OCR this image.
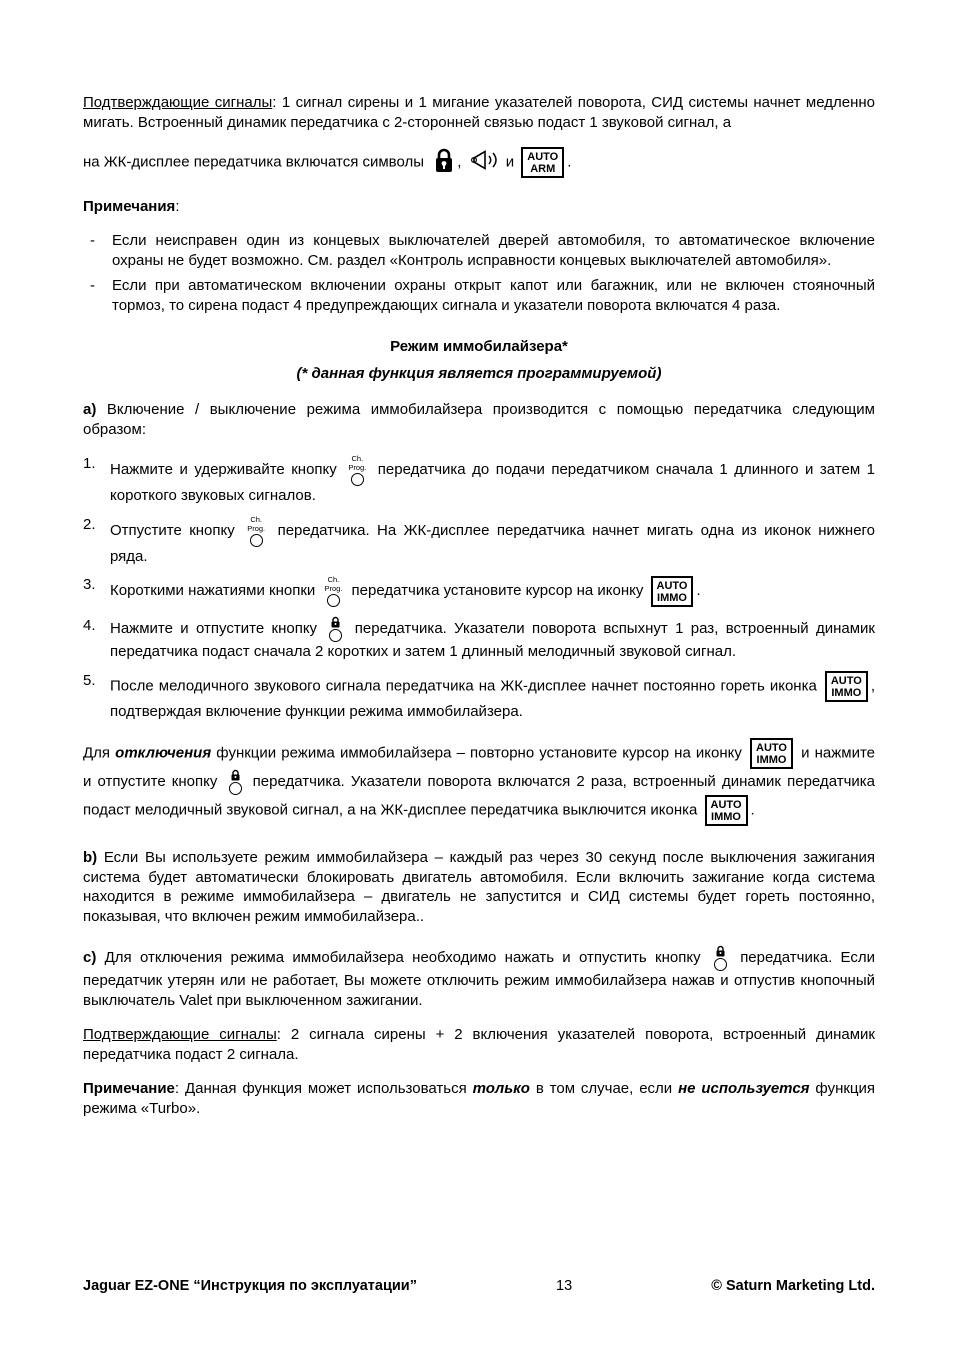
Подтверждающие сигналы: 1 сигнал сирены и 1 мигание указателей поворота, СИД системы начнет медленно мигать. Встроенный динамик передатчика с 2-сторонней связью подаст 1 звуковой сигнал, а

на ЖК-дисплее передатчика включатся символы ,	и AUTO
ARM .

Примечания:

-	Если неисправен один из концевых выключателей дверей автомобиля, то автоматическое включение охраны не будет возможно. См. раздел «Контроль исправности концевых выключателей автомобиля».
-	Если при автоматическом включении охраны открыт капот или багажник, или не включен стояночный тормоз, то сирена подаст 4 предупреждающих сигнала и указатели поворота включатся 4 раза.
Режим иммобилайзера*
(* данная функция является программируемой)

a) Включение / выключение режима иммобилайзера производится с помощью передатчика следующим образом:

1. Нажмите и удерживайте кнопку
Ch.
Prog. передатчика до подачи передатчиком сначала 1 длинного и затем 1 короткого звуковых сигналов.
2. Отпустите кнопку
Ch.
Prog. передатчика. На ЖК-дисплее передатчика начнет мигать одна из иконок нижнего ряда.
3. Короткими нажатиями кнопки
Ch.
Prog. передатчика установите курсор на иконку AUTO
IMMO .
4. Нажмите и отпустите кнопку	передатчика. Указатели поворота вспыхнут 1 раз, встроенный динамик передатчика подаст сначала 2 коротких и затем 1 длинный мелодичный звуковой сигнал.
5. После мелодичного звукового сигнала передатчика на ЖК-дисплее начнет постоянно гореть иконка AUTO
IMMO , подтверждая включение функции режима иммобилайзера.

Для отключения функции режима иммобилайзера – повторно установите курсор на иконку AUTO
IMMO и нажмите и отпустите кнопку передатчика. Указатели поворота включатся 2 раза, встроенный динамик передатчика подаст мелодичный звуковой сигнал, а на ЖК-дисплее передатчика выключится иконка AUTO
IMMO .

b) Если Вы используете режим иммобилайзера – каждый раз через 30 секунд после выключения зажигания система будет автоматически блокировать двигатель автомобиля. Если включить зажигание когда система находится в режиме иммобилайзера – двигатель не запустится и СИД системы будет гореть постоянно, показывая, что включен режим иммобилайзера..

c) Для отключения режима иммобилайзера необходимо нажать и отпустить кнопку	передатчика. Если передатчик утерян или не работает, Вы можете отключить режим иммобилайзера нажав и отпустив кнопочный выключатель Valet при выключенном зажигании.

Подтверждающие сигналы: 2 сигнала сирены + 2 включения указателей поворота, встроенный динамик передатчика подаст 2 сигнала.

Примечание: Данная функция может использоваться только в том случае, если не используется функция режима «Turbo».

Jaguar EZ-ONE “Инструкция по эксплуатации”	13	© Saturn Marketing Ltd.
